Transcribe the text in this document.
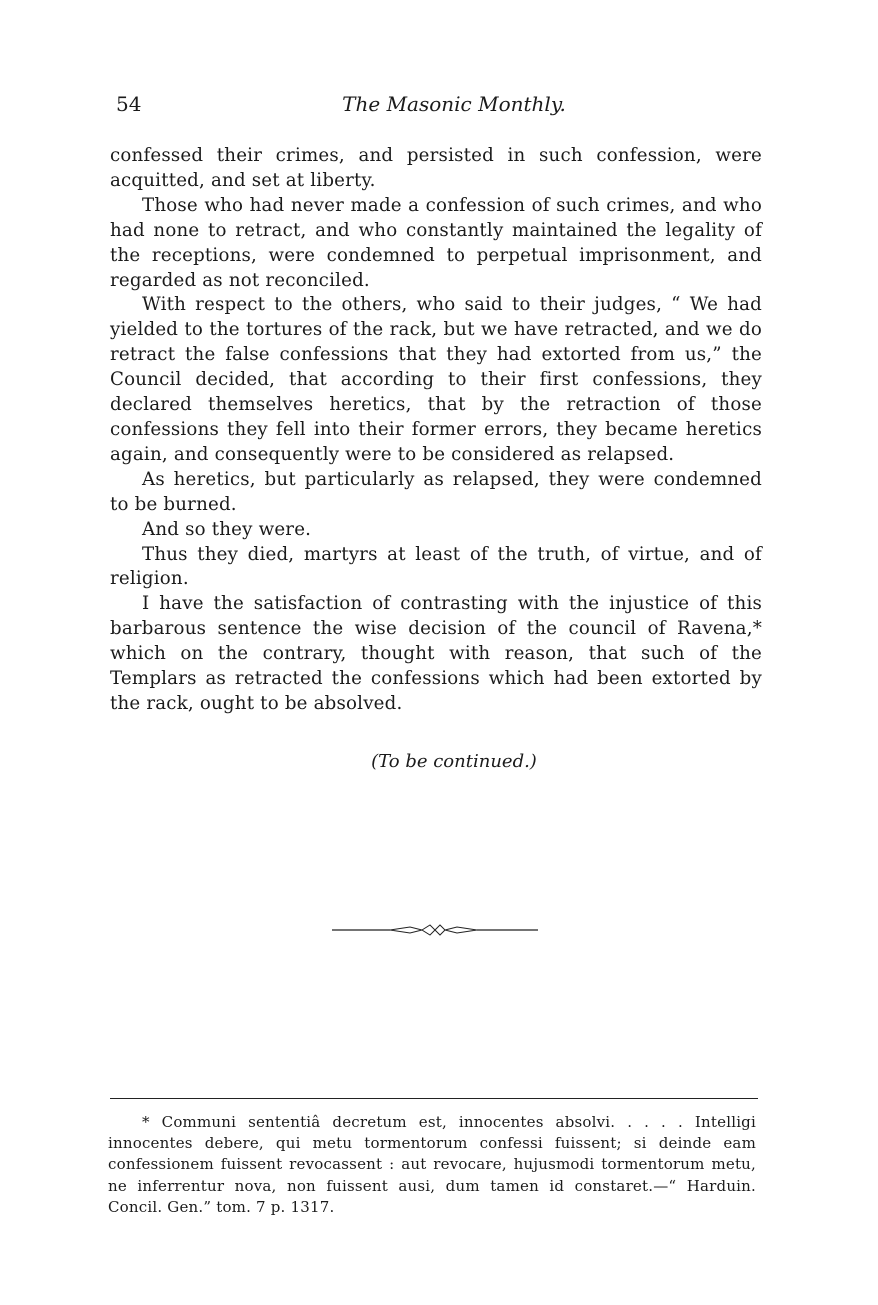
54	The Masonic Monthly.

confessed their crimes, and persisted in such confession, were acquitted, and set at liberty.

Those who had never made a confession of such crimes, and who had none to retract, and who constantly maintained the legality of the receptions, were condemned to perpetual imprisonment, and regarded as not reconciled.

With respect to the others, who said to their judges, “ We had yielded to the tortures of the rack, but we have retracted, and we do retract the false confessions that they had extorted from us,” the Council decided, that according to their first confessions, they declared themselves heretics, that by the retraction of those confessions they fell into their former errors, they became heretics again, and consequently were to be considered as relapsed.

As heretics, but particularly as relapsed, they were condemned to be burned.

And so they were.

Thus they died, martyrs at least of the truth, of virtue, and of religion.

I have the satisfaction of contrasting with the injustice of this barbarous sentence the wise decision of the council of Ravena,* which on the contrary, thought with reason, that such of the Templars as retracted the confessions which had been extorted by the rack, ought to be absolved.

(To be continued.)

* Communi sententiâ decretum est, innocentes absolvi. . . . . Intelligi innocentes debere, qui metu tormentorum confessi fuissent; si deinde eam confessionem fuissent revocassent : aut revocare, hujusmodi tormentorum metu, ne inferrentur nova, non fuissent ausi, dum tamen id constaret.—“ Harduin. Concil. Gen.” tom. 7 p. 1317.
